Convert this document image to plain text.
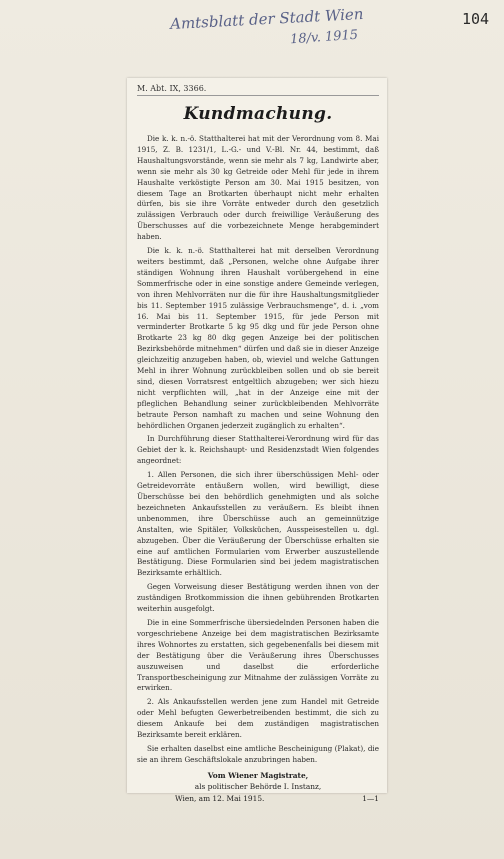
Amtsblatt der Stadt Wien
18/v. 1915
104
M. Abt. IX, 3366.
Kundmachung.

Die k. k. n.-ö. Statthalterei hat mit der Verordnung vom 8. Mai 1915, Z. B. 1231/1, L.-G.- und V.-Bl. Nr. 44, bestimmt, daß Haushaltungsvorstände, wenn sie mehr als 7 kg, Landwirte aber, wenn sie mehr als 30 kg Getreide oder Mehl für jede in ihrem Haushalte verköstigte Person am 30. Mai 1915 besitzen, von diesem Tage an Brotkarten überhaupt nicht mehr erhalten dürfen, bis sie ihre Vorräte entweder durch den gesetzlich zulässigen Verbrauch oder durch freiwillige Veräußerung des Überschusses auf die vorbezeichnete Menge herabgemindert haben.

Die k. k. n.-ö. Statthalterei hat mit derselben Verordnung weiters bestimmt, daß „Personen, welche ohne Aufgabe ihrer ständigen Wohnung ihren Haushalt vorübergehend in eine Sommerfrische oder in eine sonstige andere Gemeinde verlegen, von ihren Mehlvorräten nur die für ihre Haushaltungsmitglieder bis 11. September 1915 zulässige Verbrauchsmenge“, d. i. „vom 16. Mai bis 11. September 1915, für jede Person mit verminderter Brotkarte 5 kg 95 dkg und für jede Person ohne Brotkarte 23 kg 80 dkg gegen Anzeige bei der politischen Bezirksbehörde mitnehmen“ dürfen und daß sie in dieser Anzeige gleichzeitig anzugeben haben, ob, wieviel und welche Gattungen Mehl in ihrer Wohnung zurückbleiben sollen und ob sie bereit sind, diesen Vorratsrest entgeltlich abzugeben; wer sich hiezu nicht verpflichten will, „hat in der Anzeige eine mit der pfleglichen Behandlung seiner zurückbleibenden Mehlvorräte betraute Person namhaft zu machen und seine Wohnung den behördlichen Organen jederzeit zugänglich zu erhalten“.

In Durchführung dieser Statthalterei-Verordnung wird für das Gebiet der k. k. Reichshaupt- und Residenzstadt Wien folgendes angeordnet:

1. Allen Personen, die sich ihrer überschüssigen Mehl- oder Getreidevorräte entäußern wollen, wird bewilligt, diese Überschüsse bei den behördlich genehmigten und als solche bezeichneten Ankaufsstellen zu veräußern. Es bleibt ihnen unbenommen, ihre Überschüsse auch an gemeinnützige Anstalten, wie Spitäler, Volksküchen, Ausspeisestellen u. dgl. abzugeben. Über die Veräußerung der Überschüsse erhalten sie eine auf amtlichen Formularien vom Erwerber auszustellende Bestätigung. Diese Formularien sind bei jedem magistratischen Bezirksamte erhältlich.

Gegen Vorweisung dieser Bestätigung werden ihnen von der zuständigen Brotkommission die ihnen gebührenden Brotkarten weiterhin ausgefolgt.

Die in eine Sommerfrische übersiedelnden Personen haben die vorgeschriebene Anzeige bei dem magistratischen Bezirksamte ihres Wohnortes zu erstatten, sich gegebenenfalls bei diesem mit der Bestätigung über die Veräußerung ihres Überschusses auszuweisen und daselbst die erforderliche Transportbescheinigung zur Mitnahme der zulässigen Vorräte zu erwirken.

2. Als Ankaufsstellen werden jene zum Handel mit Getreide oder Mehl befugten Gewerbetreibenden bestimmt, die sich zu diesem Ankaufe bei dem zuständigen magistratischen Bezirksamte bereit erklären.

Sie erhalten daselbst eine amtliche Bescheinigung (Plakat), die sie an ihrem Geschäftslokale anzubringen haben.

Vom Wiener Magistrate,

als politischer Behörde I. Instanz,

Wien, am 12. Mai 1915.	1—1
